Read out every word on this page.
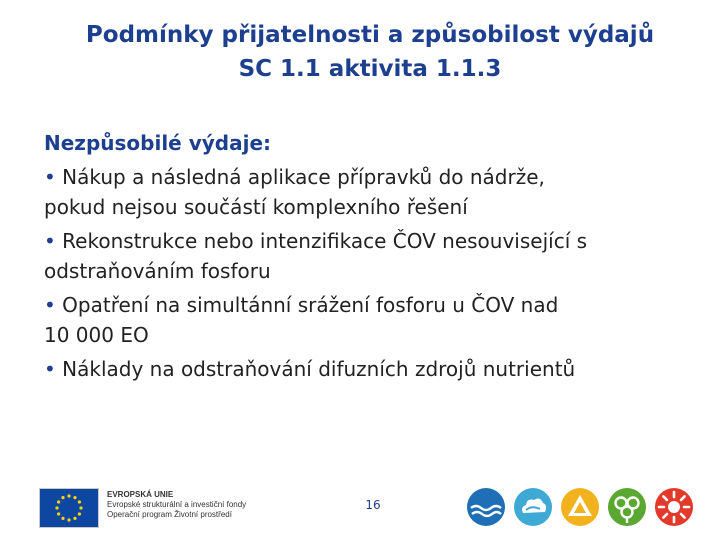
Podmínky přijatelnosti a způsobilost výdajů
SC 1.1 aktivita 1.1.3
Nezpůsobilé výdaje:
• Nákup a následná aplikace přípravků do nádrže,
pokud nejsou součástí komplexního řešení
• Rekonstrukce nebo intenzifikace ČOV nesouvisející s
odstraňováním fosforu
• Opatření na simultánní srážení fosforu u ČOV nad
10 000 EO
• Náklady na odstraňování difuzních zdrojů nutrientů
EVROPSKÁ UNIE
Evropské strukturální a investiční fondy
Operační program Životní prostředí
16
